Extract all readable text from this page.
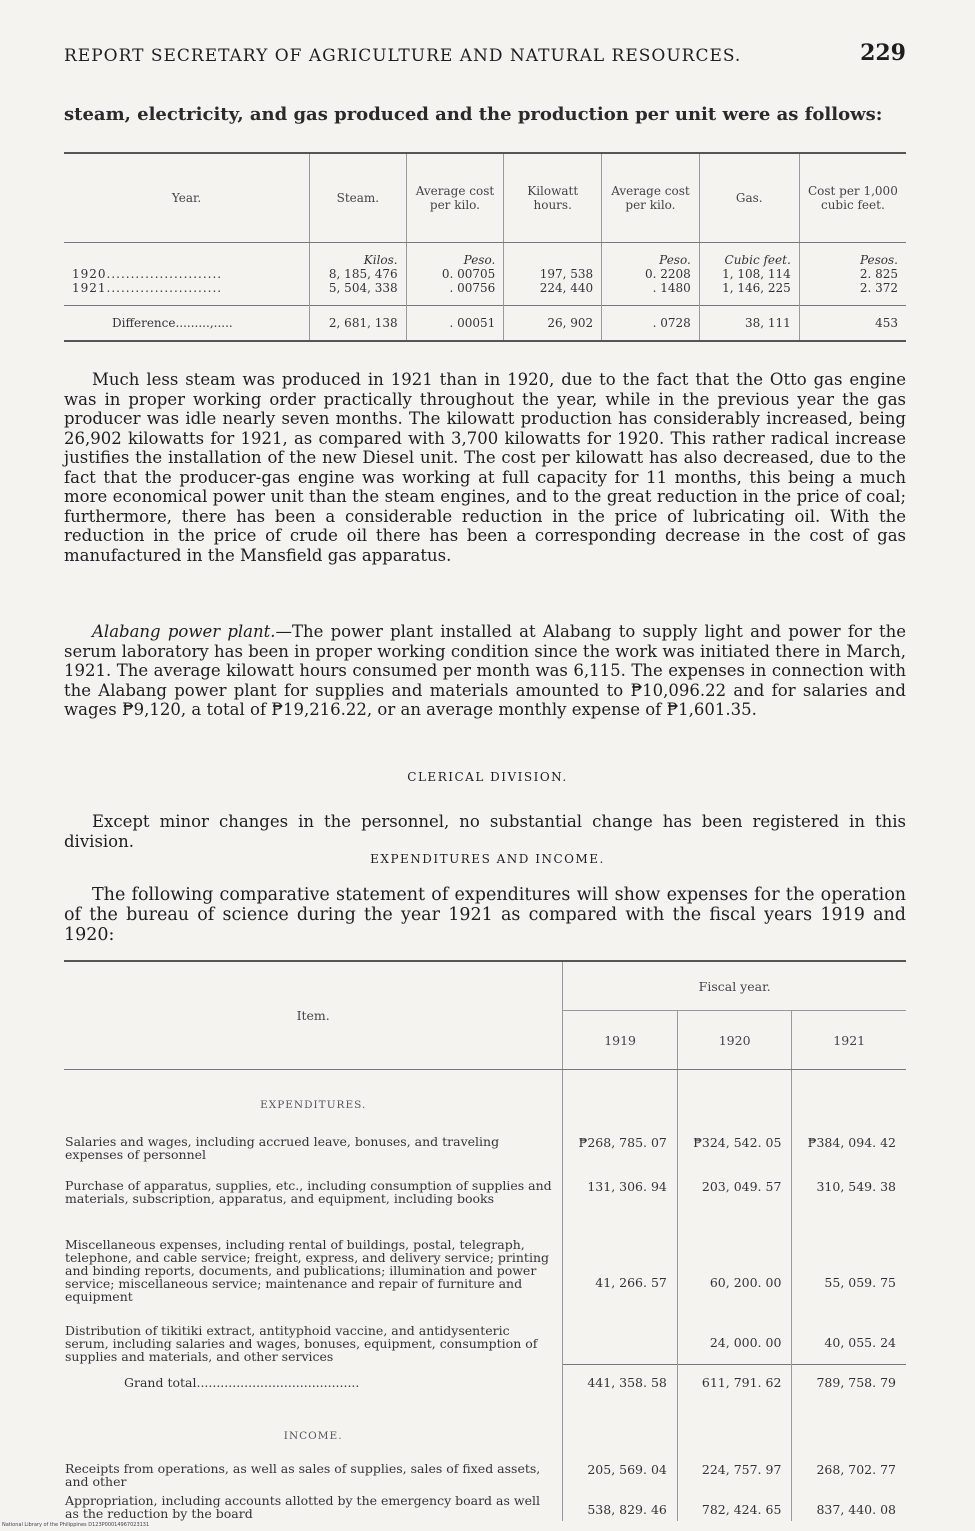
REPORT SECRETARY OF AGRICULTURE AND NATURAL RESOURCES.	229
steam, electricity, and gas produced and the production per unit were as follows:
Year.	Steam.	Average cost per kilo.	Kilowatt hours.	Average cost per kilo.	Gas.	Cost per 1,000 cubic feet.
	Kilos.	Peso.		Peso.	Cubic feet.	Pesos.
1920........................	8, 185, 476	0. 00705	197, 538	0. 2208	1, 108, 114	2. 825
1921........................	5, 504, 338	. 00756	224, 440	. 1480	1, 146, 225	2. 372
Difference.........,.....	2, 681, 138	. 00051	26, 902	. 0728	38, 111	453
Much less steam was produced in 1921 than in 1920, due to the fact that the Otto gas engine was in proper working order practically throughout the year, while in the previous year the gas producer was idle nearly seven months. The kilowatt production has considerably increased, being 26,902 kilowatts for 1921, as compared with 3,700 kilowatts for 1920. This rather radical increase justifies the installation of the new Diesel unit. The cost per kilowatt has also decreased, due to the fact that the producer-gas engine was working at full capacity for 11 months, this being a much more economical power unit than the steam engines, and to the great reduction in the price of coal; furthermore, there has been a considerable reduction in the price of lubricating oil. With the reduction in the price of crude oil there has been a corresponding decrease in the cost of gas manufactured in the Mansfield gas apparatus.
Alabang power plant.—The power plant installed at Alabang to supply light and power for the serum laboratory has been in proper working condition since the work was initiated there in March, 1921. The average kilowatt hours consumed per month was 6,115. The expenses in connection with the Alabang power plant for supplies and materials amounted to ₱10,096.22 and for salaries and wages ₱9,120, a total of ₱19,216.22, or an average monthly expense of ₱1,601.35.
CLERICAL DIVISION.
Except minor changes in the personnel, no substantial change has been registered in this division.
EXPENDITURES AND INCOME.
The following comparative statement of expenditures will show expenses for the operation of the bureau of science during the year 1921 as compared with the fiscal years 1919 and 1920:
Item.	Fiscal year.		
	1919	1920	1921
EXPENDITURES.			
Salaries and wages, including accrued leave, bonuses, and traveling expenses of personnel	₱268, 785. 07	₱324, 542. 05	₱384, 094. 42
Purchase of apparatus, supplies, etc., including consumption of supplies and materials, subscription, apparatus, and equipment, including books	131, 306. 94	203, 049. 57	310, 549. 38
Miscellaneous expenses, including rental of buildings, postal, telegraph, telephone, and cable service; freight, express, and delivery service; printing and binding reports, documents, and publications; illumination and power service; miscellaneous service; maintenance and repair of furniture and equipment	41, 266. 57	60, 200. 00	55, 059. 75
Distribution of tikitiki extract, antityphoid vaccine, and antidysenteric serum, including salaries and wages, bonuses, equipment, consumption of supplies and materials, and other services		24, 000. 00	40, 055. 24
Grand total.........................................	441, 358. 58	611, 791. 62	789, 758. 79
INCOME.			
Receipts from operations, as well as sales of supplies, sales of fixed assets, and other	205, 569. 04	224, 757. 97	268, 702. 77
Appropriation, including accounts allotted by the emergency board as well as the reduction by the board	538, 829. 46	782, 424. 65	837, 440. 08
National Library of the Philippines D123P00014967023131
